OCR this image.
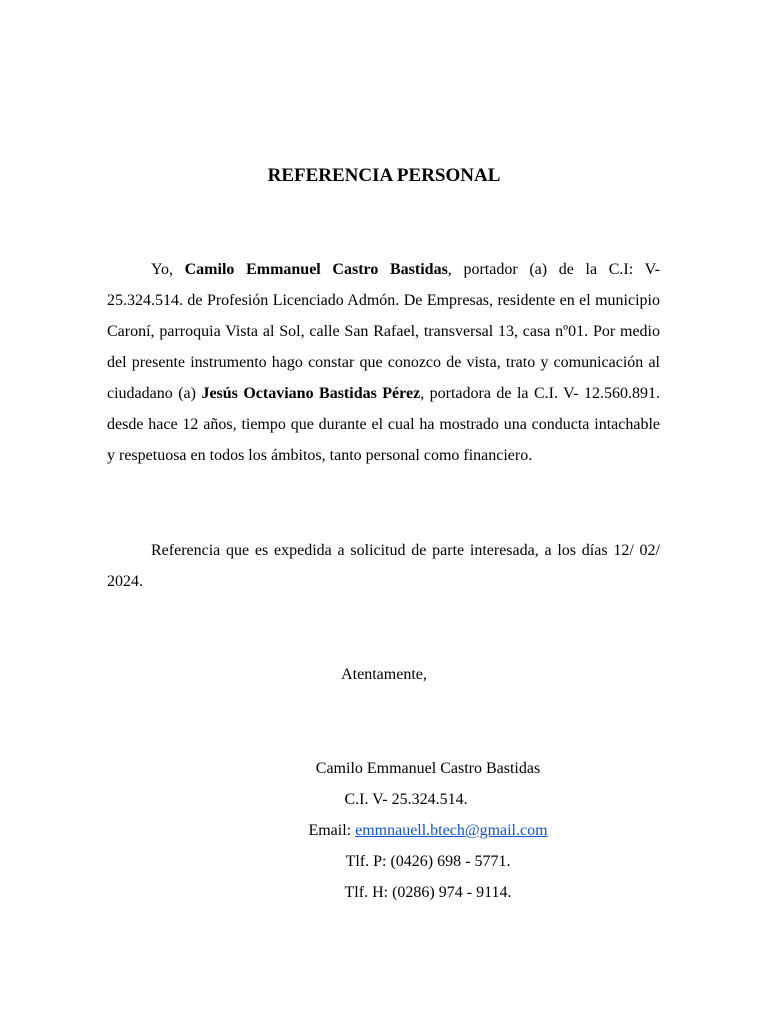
REFERENCIA PERSONAL

Yo, Camilo Emmanuel Castro Bastidas, portador (a) de la C.I: V- 25.324.514. de Profesión Licenciado Admón. De Empresas, residente en el municipio Caroní, parroquia Vista al Sol, calle San Rafael, transversal 13, casa nº01. Por medio del presente instrumento hago constar que conozco de vista, trato y comunicación al ciudadano (a) Jesús Octaviano Bastidas Pérez, portadora de la C.I. V- 12.560.891. desde hace 12 años, tiempo que durante el cual ha mostrado una conducta intachable y respetuosa en todos los ámbitos, tanto personal como financiero.

Referencia que es expedida a solicitud de parte interesada, a los días 12/ 02/ 2024.

Atentamente,
Camilo Emmanuel Castro Bastidas
C.I. V- 25.324.514.
Email: emmnauell.btech@gmail.com
Tlf. P: (0426) 698 - 5771.
Tlf. H: (0286) 974 - 9114.
